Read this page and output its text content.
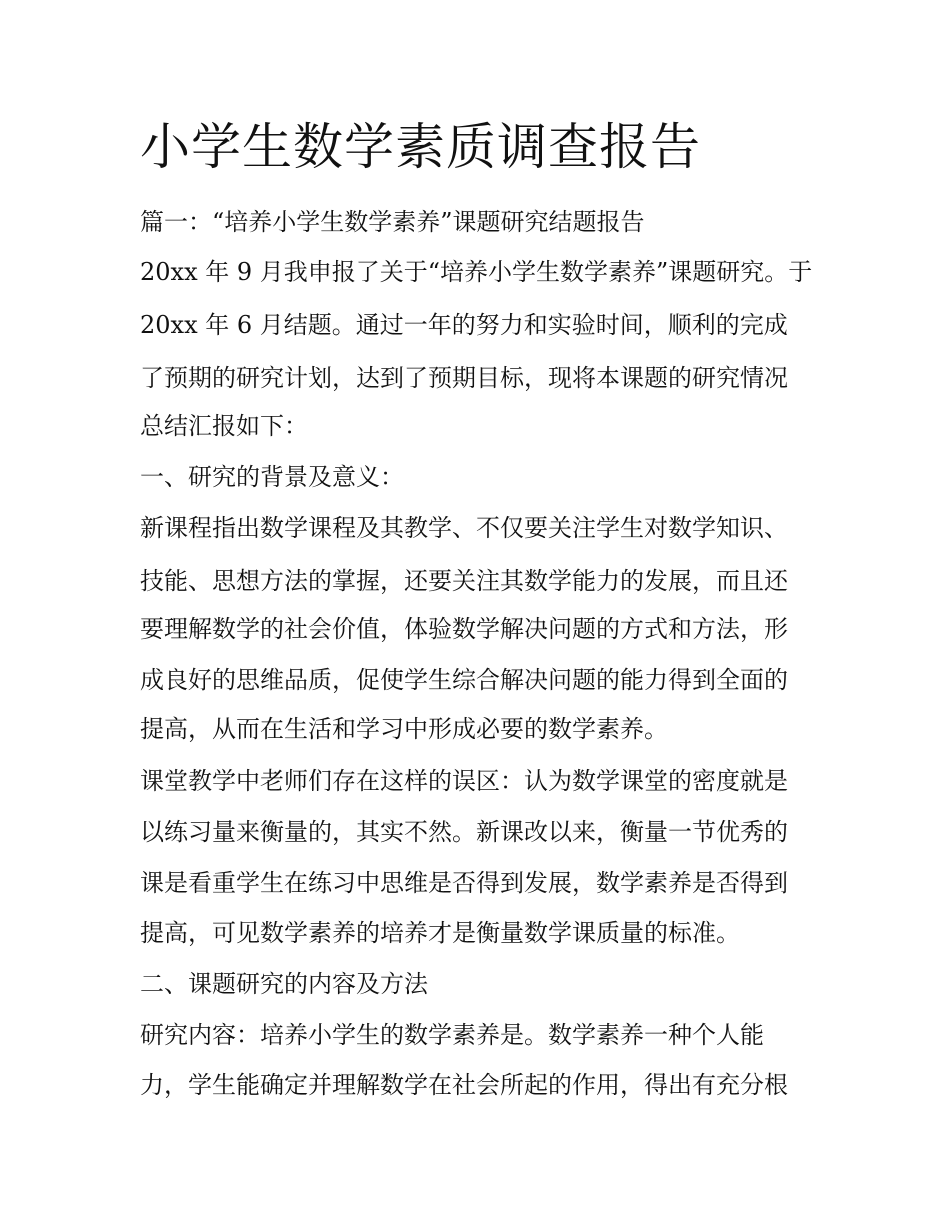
小学生数学素质调查报告

篇一：“培养小学生数学素养”课题研究结题报告

20xx 年 9 月我申报了关于“培养小学生数学素养”课题研究。于

20xx 年 6 月结题。通过一年的努力和实验时间，顺利的完成

了预期的研究计划，达到了预期目标，现将本课题的研究情况

总结汇报如下：

一、研究的背景及意义：

新课程指出数学课程及其教学、不仅要关注学生对数学知识、

技能、思想方法的掌握，还要关注其数学能力的发展，而且还

要理解数学的社会价值，体验数学解决问题的方式和方法，形

成良好的思维品质，促使学生综合解决问题的能力得到全面的

提高，从而在生活和学习中形成必要的数学素养。

课堂教学中老师们存在这样的误区：认为数学课堂的密度就是

以练习量来衡量的，其实不然。新课改以来，衡量一节优秀的

课是看重学生在练习中思维是否得到发展，数学素养是否得到

提高，可见数学素养的培养才是衡量数学课质量的标准。

二、课题研究的内容及方法

研究内容：培养小学生的数学素养是。数学素养一种个人能

力，学生能确定并理解数学在社会所起的作用，得出有充分根
